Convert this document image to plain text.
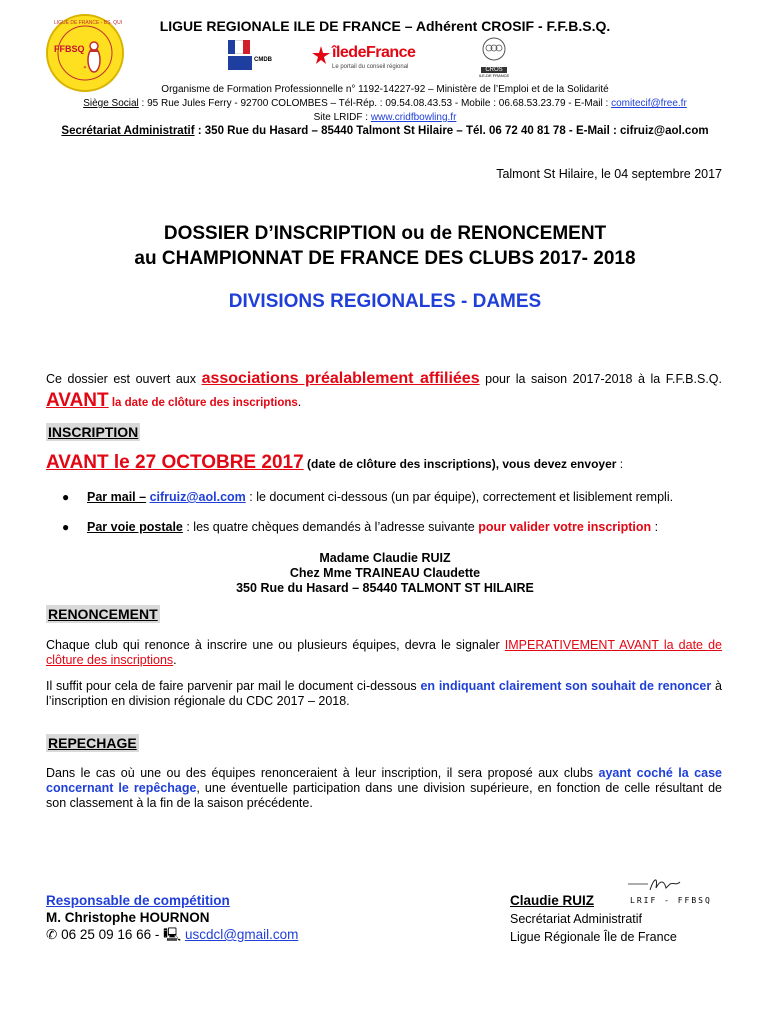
LIGUE REGIONALE ILE DE FRANCE – Adhérent CROSIF - F.F.B.S.Q.
✶
FFBSQ
LIGUE DE FRANCE - BS. QUI
CMDB	îledeFrance
Le portail du conseil régional	CROS
ILE-DE FRANCE
Organisme de Formation Professionnelle n° 1192-14227-92 – Ministère de l’Emploi et de la Solidarité
Siège Social : 95 Rue Jules Ferry - 92700 COLOMBES – Tél-Rép. : 09.54.08.43.53 - Mobile : 06.68.53.23.79 - E-Mail : comitecif@free.fr
Site LRIDF : www.cridfbowling.fr
Secrétariat Administratif : 350 Rue du Hasard – 85440 Talmont St Hilaire – Tél. 06 72 40 81 78 - E-Mail : cifruiz@aol.com
Talmont St Hilaire, le 04 septembre 2017
DOSSIER D’INSCRIPTION ou de RENONCEMENT
au CHAMPIONNAT DE FRANCE DES CLUBS 2017- 2018
DIVISIONS REGIONALES - DAMES
Ce dossier est ouvert aux associations préalablement affiliées pour la saison 2017-2018 à la F.F.B.S.Q. AVANT la date de clôture des inscriptions.
INSCRIPTION
AVANT le 27 OCTOBRE 2017 (date de clôture des inscriptions), vous devez envoyer :
● Par mail – cifruiz@aol.com : le document ci-dessous (un par équipe), correctement et lisiblement rempli.
● Par voie postale : les quatre chèques demandés à l’adresse suivante pour valider votre inscription :
Madame Claudie RUIZ
Chez Mme TRAINEAU Claudette
350 Rue du Hasard – 85440 TALMONT ST HILAIRE
RENONCEMENT
Chaque club qui renonce à inscrire une ou plusieurs équipes, devra le signaler IMPERATIVEMENT AVANT la date de clôture des inscriptions.
Il suffit pour cela de faire parvenir par mail le document ci-dessous en indiquant clairement son souhait de renoncer à l’inscription en division régionale du CDC 2017 – 2018.
REPECHAGE
Dans le cas où une ou des équipes renonceraient à leur inscription, il sera proposé aux clubs ayant coché la case concernant le repêchage, une éventuelle participation dans une division supérieure, en fonction de celle résultant de son classement à la fin de la saison précédente.
Responsable de compétition
M. Christophe HOURNON
✆ 06 25 09 16 66 - 🖳 uscdcl@gmail.com
Claudie RUIZ
Secrétariat Administratif
Ligue Régionale Île de France
LRIF - FFBSQ
